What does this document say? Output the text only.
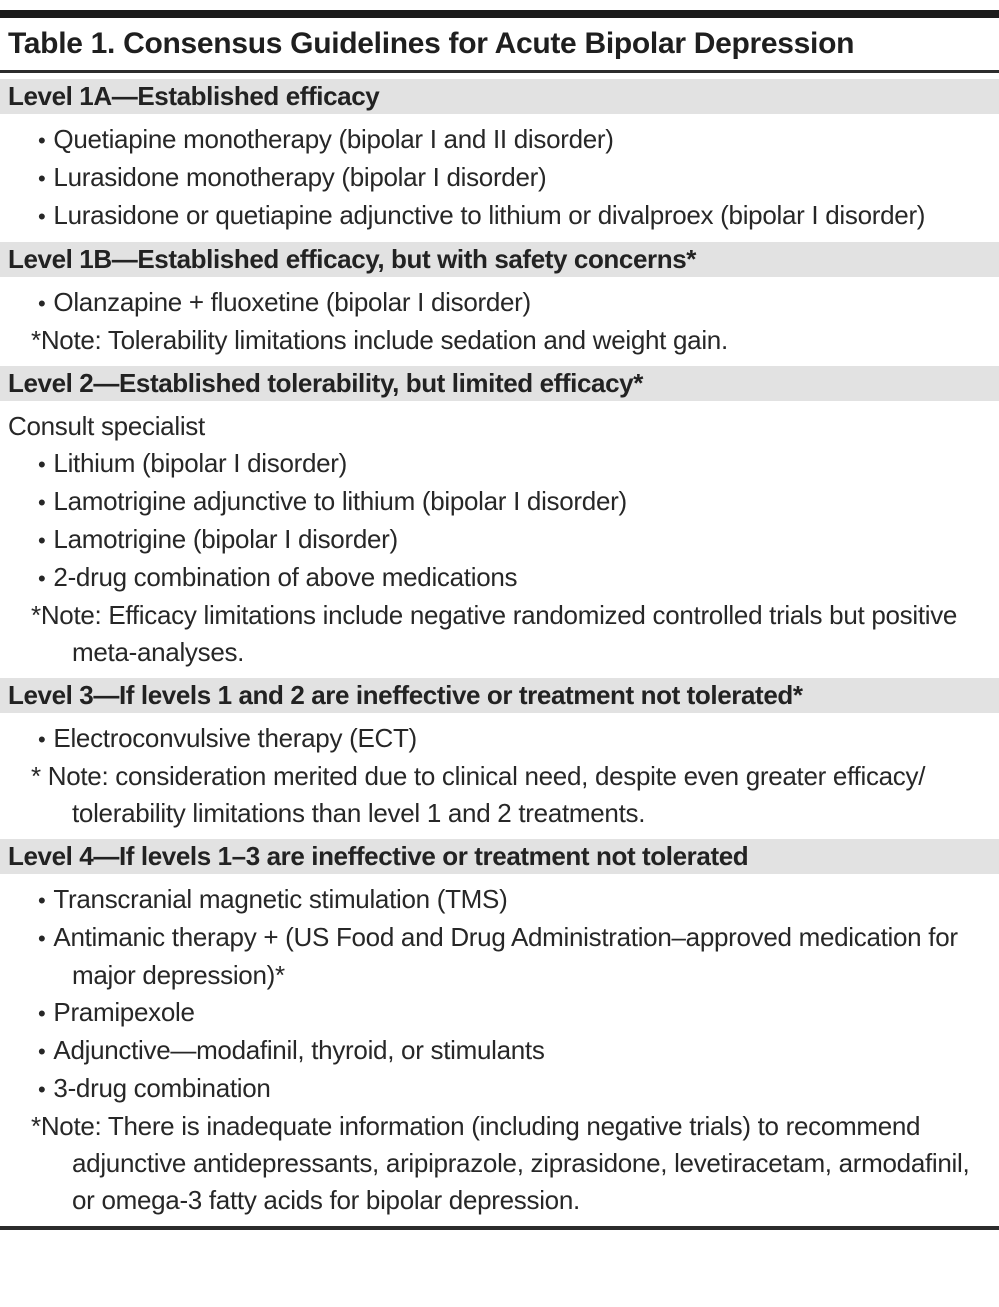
Table 1. Consensus Guidelines for Acute Bipolar Depression
Level 1A—Established efficacy
• Quetiapine monotherapy (bipolar I and II disorder)
• Lurasidone monotherapy (bipolar I disorder)
• Lurasidone or quetiapine adjunctive to lithium or divalproex (bipolar I disorder)
Level 1B—Established efficacy, but with safety concerns*
• Olanzapine + fluoxetine (bipolar I disorder)
*Note: Tolerability limitations include sedation and weight gain.
Level 2—Established tolerability, but limited efficacy*
Consult specialist
• Lithium (bipolar I disorder)
• Lamotrigine adjunctive to lithium (bipolar I disorder)
• Lamotrigine (bipolar I disorder)
• 2-drug combination of above medications
*Note: Efficacy limitations include negative randomized controlled trials but positive meta-analyses.
Level 3—If levels 1 and 2 are ineffective or treatment not tolerated*
• Electroconvulsive therapy (ECT)
* Note: consideration merited due to clinical need, despite even greater efficacy/ tolerability limitations than level 1 and 2 treatments.
Level 4—If levels 1–3 are ineffective or treatment not tolerated
• Transcranial magnetic stimulation (TMS)
• Antimanic therapy + (US Food and Drug Administration–approved medication for major depression)*
• Pramipexole
• Adjunctive—modafinil, thyroid, or stimulants
• 3-drug combination
*Note: There is inadequate information (including negative trials) to recommend adjunctive antidepressants, aripiprazole, ziprasidone, levetiracetam, armodafinil, or omega-3 fatty acids for bipolar depression.
